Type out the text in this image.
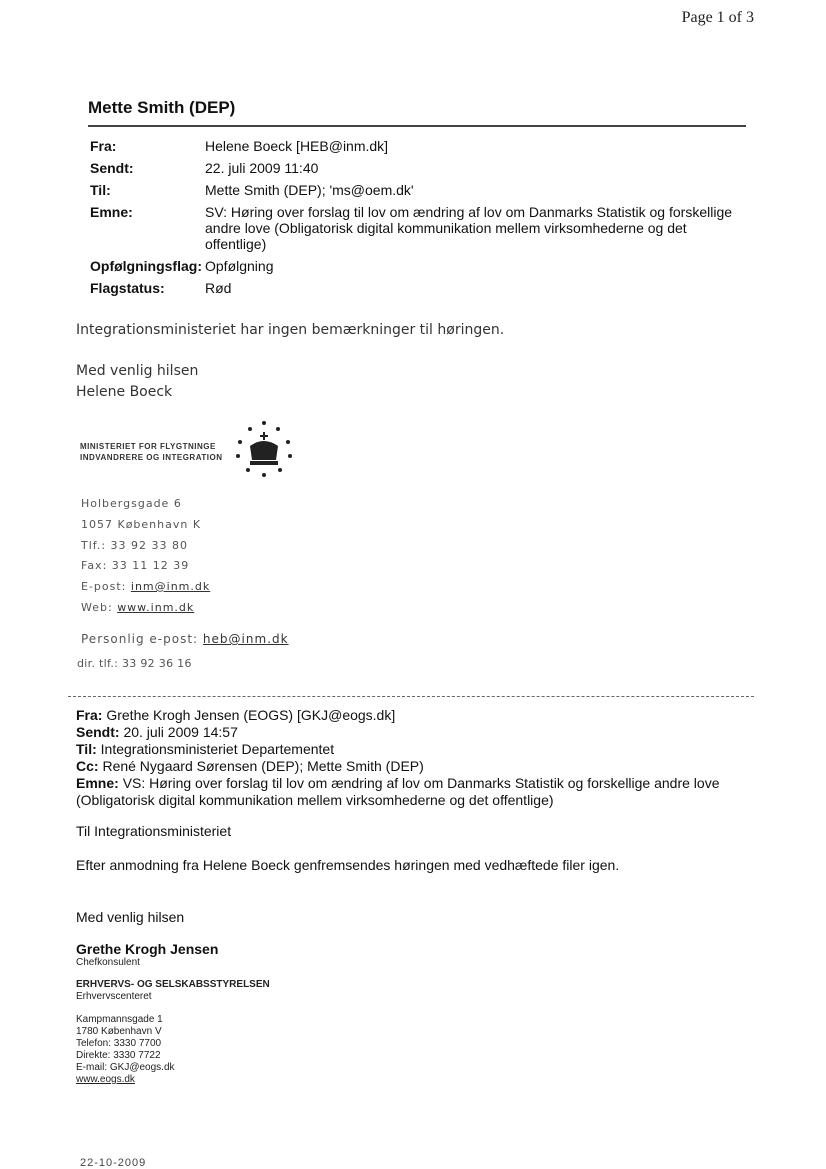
Page 1 of 3
Mette Smith (DEP)
Fra:	Helene Boeck [HEB@inm.dk]
Sendt:	22. juli 2009 11:40
Til:	Mette Smith (DEP); 'ms@oem.dk'
Emne:	SV: Høring over forslag til lov om ændring af lov om Danmarks Statistik og forskellige andre love (Obligatorisk digital kommunikation mellem virksomhederne og det offentlige)
Opfølgningsflag:	Opfølgning
Flagstatus:	Rød
Integrationsministeriet har ingen bemærkninger til høringen.
Med venlig hilsen
Helene Boeck
MINISTERIET FOR FLYGTNINGE
INDVANDRERE OG INTEGRATION
Holbergsgade 6
1057 København K
Tlf.: 33 92 33 80
Fax: 33 11 12 39
E-post: inm@inm.dk
Web: www.inm.dk
Personlig e-post: heb@inm.dk
dir. tlf.: 33 92 36 16
Fra: Grethe Krogh Jensen (EOGS) [GKJ@eogs.dk]
Sendt: 20. juli 2009 14:57
Til: Integrationsministeriet Departementet
Cc: René Nygaard Sørensen (DEP); Mette Smith (DEP)
Emne: VS: Høring over forslag til lov om ændring af lov om Danmarks Statistik og forskellige andre love (Obligatorisk digital kommunikation mellem virksomhederne og det offentlige)
Til Integrationsministeriet
Efter anmodning fra Helene Boeck genfremsendes høringen med vedhæftede filer igen.
Med venlig hilsen
Grethe Krogh Jensen
Chefkonsulent
ERHVERVS- OG SELSKABSSTYRELSEN
Erhvervscenteret
Kampmannsgade 1
1780 København V
Telefon: 3330 7700
Direkte: 3330 7722
E-mail: GKJ@eogs.dk
www.eogs.dk
22-10-2009
